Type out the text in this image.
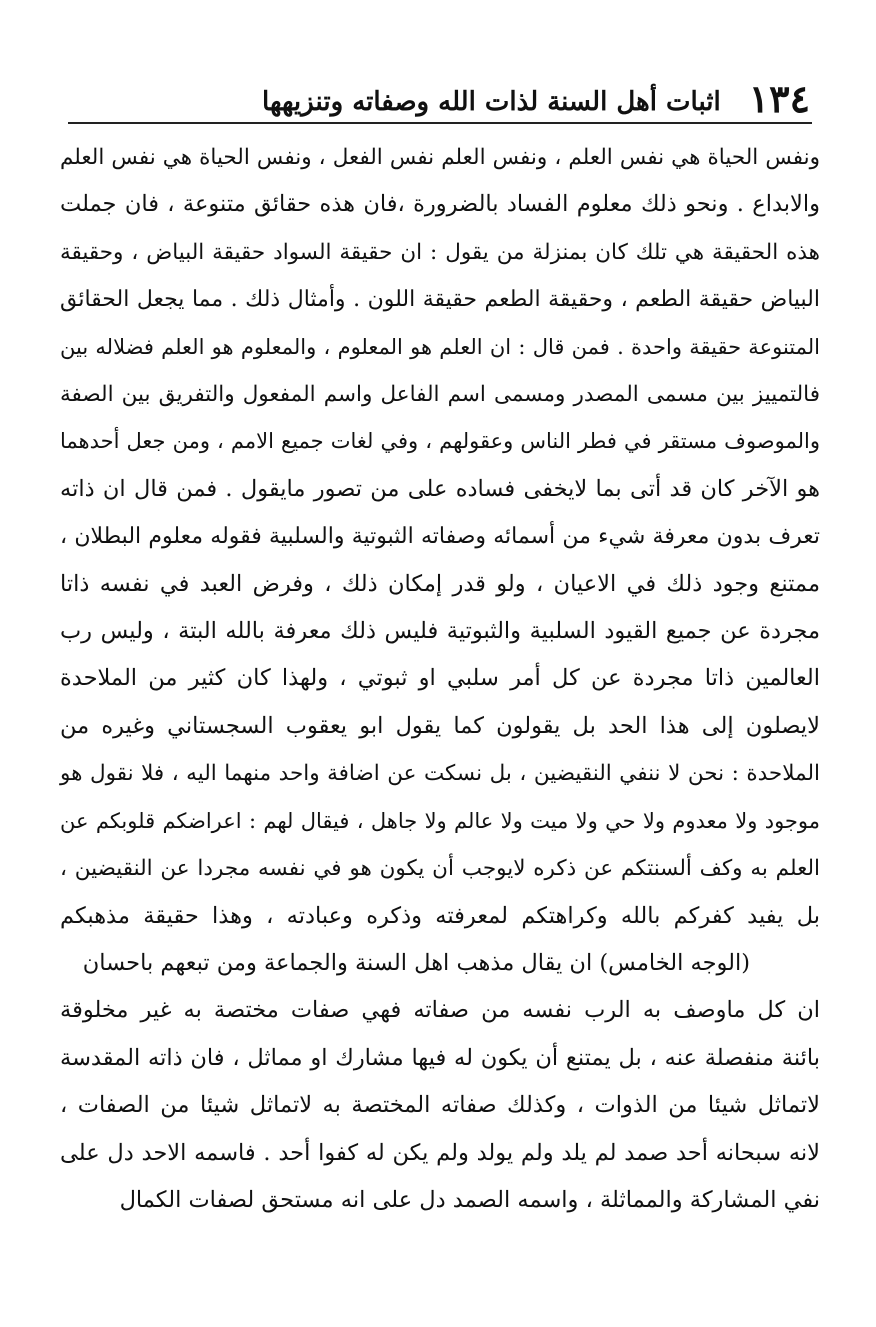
١٣٤
اثبات أهل السنة لذات الله وصفاته وتنزيهها
ونفس الحياة هي نفس العلم ، ونفس العلم نفس الفعل ، ونفس الحياة هي نفس العلم
والابداع . ونحو ذلك معلوم الفساد بالضرورة ،فان هذه حقائق متنوعة ، فان جملت
هذه الحقيقة هي تلك كان بمنزلة من يقول : ان حقيقة السواد حقيقة البياض ، وحقيقة
البياض حقيقة الطعم ، وحقيقة الطعم حقيقة اللون . وأمثال ذلك . مما يجعل الحقائق
المتنوعة حقيقة واحدة . فمن قال : ان العلم هو المعلوم ، والمعلوم هو العلم فضلاله بين
فالتمييز بين مسمى المصدر ومسمى اسم الفاعل واسم المفعول والتفريق بين الصفة
والموصوف مستقر في فطر الناس وعقولهم ، وفي لغات جميع الامم ، ومن جعل أحدهما
هو الآخر كان قد أتى بما لايخفى فساده على من تصور مايقول . فمن قال ان ذاته
تعرف بدون معرفة شيء من أسمائه وصفاته الثبوتية والسلبية فقوله معلوم البطلان ،
ممتنع وجود ذلك في الاعيان ، ولو قدر إمكان ذلك ، وفرض العبد في نفسه ذاتا
مجردة عن جميع القيود السلبية والثبوتية فليس ذلك معرفة بالله البتة ، وليس رب
العالمين ذاتا مجردة عن كل أمر سلبي او ثبوتي ، ولهذا كان كثير من الملاحدة
لايصلون إلى هذا الحد بل يقولون كما يقول ابو يعقوب السجستاني وغيره من
الملاحدة : نحن لا ننفي النقيضين ، بل نسكت عن اضافة واحد منهما اليه ، فلا نقول هو
موجود ولا معدوم ولا حي ولا ميت ولا عالم ولا جاهل ، فيقال لهم : اعراضكم قلوبكم عن
العلم به وكف ألسنتكم عن ذكره لايوجب أن يكون هو في نفسه مجردا عن النقيضين ،
بل يفيد كفركم بالله وكراهتكم لمعرفته وذكره وعبادته ، وهذا حقيقة مذهبكم
(الوجه الخامس) ان يقال مذهب اهل السنة والجماعة ومن تبعهم باحسان
ان كل ماوصف به الرب نفسه من صفاته فهي صفات مختصة به غير مخلوقة
بائنة منفصلة عنه ، بل يمتنع أن يكون له فيها مشارك او مماثل ، فان ذاته المقدسة
لاتماثل شيئا من الذوات ، وكذلك صفاته المختصة به لاتماثل شيئا من الصفات ،
لانه سبحانه أحد صمد لم يلد ولم يولد ولم يكن له كفوا أحد . فاسمه الاحد دل على
نفي المشاركة والمماثلة ، واسمه الصمد دل على انه مستحق لصفات الكمال
